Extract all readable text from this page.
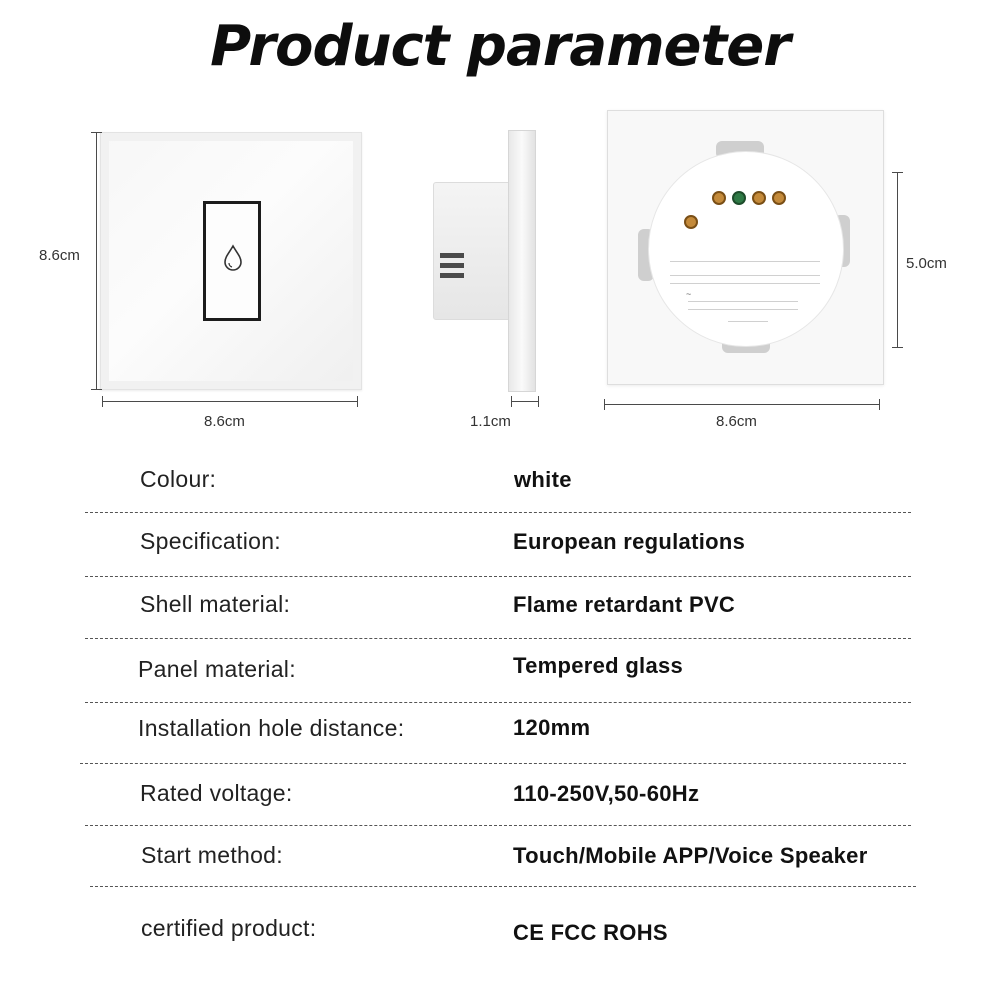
Product parameter
8.6cm
8.6cm	1.1cm
~
8.6cm
5.0cm
Colour:	white
Specification:	European regulations
Shell material:	Flame retardant PVC
Panel material:	Tempered glass
Installation hole distance:	120mm
Rated voltage:	110-250V,50-60Hz
Start method:	Touch/Mobile APP/Voice Speaker
certified product:	CE FCC ROHS
